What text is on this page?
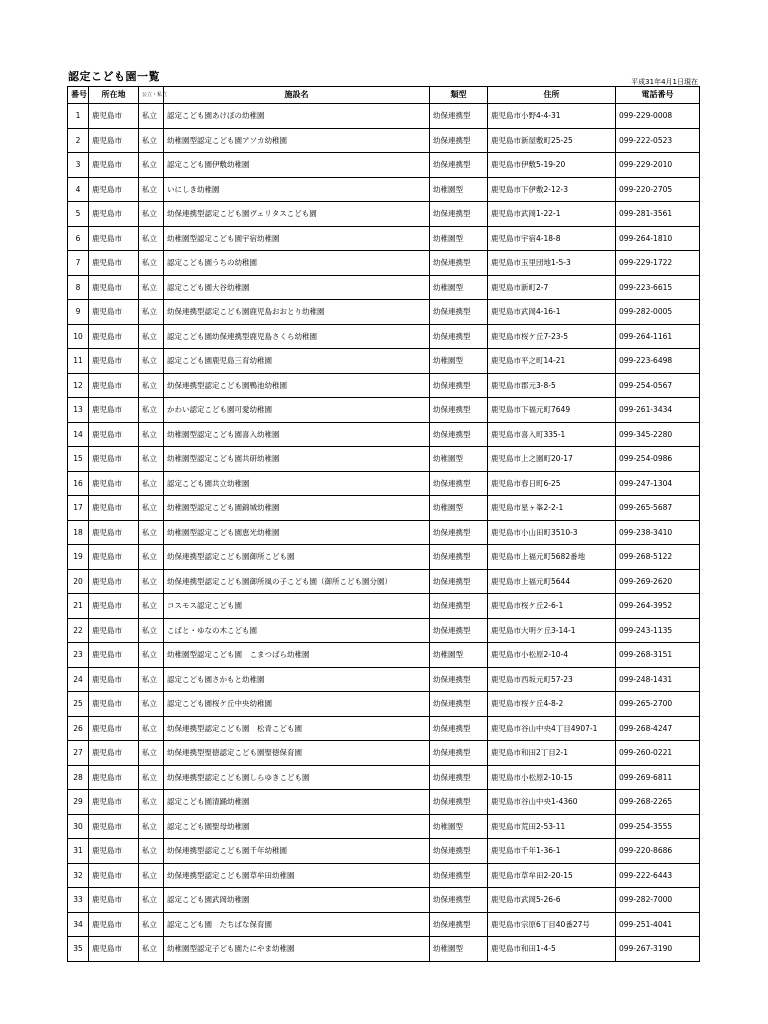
認定こども園一覧	平成31年4月1日現在
番号	所在地	公立・私立	施設名	類型	住所	電話番号
1	鹿児島市	私立	認定こども園あけぼの幼稚園	幼保連携型	鹿児島市小野4-4-31	099-229-0008
2	鹿児島市	私立	幼稚園型認定こども園アソカ幼稚園	幼保連携型	鹿児島市新屋敷町25-25	099-222-0523
3	鹿児島市	私立	認定こども園伊敷幼稚園	幼保連携型	鹿児島市伊敷5-19-20	099-229-2010
4	鹿児島市	私立	いにしき幼稚園	幼稚園型	鹿児島市下伊敷2-12-3	099-220-2705
5	鹿児島市	私立	幼保連携型認定こども園ヴェリタスこども園	幼保連携型	鹿児島市武岡1-22-1	099-281-3561
6	鹿児島市	私立	幼稚園型認定こども園宇宿幼稚園	幼稚園型	鹿児島市宇宿4-18-8	099-264-1810
7	鹿児島市	私立	認定こども園うちの幼稚園	幼保連携型	鹿児島市玉里団地1-5-3	099-229-1722
8	鹿児島市	私立	認定こども園大谷幼稚園	幼稚園型	鹿児島市新町2-7	099-223-6615
9	鹿児島市	私立	幼保連携型認定こども園鹿児島おおとり幼稚園	幼保連携型	鹿児島市武岡4-16-1	099-282-0005
10	鹿児島市	私立	認定こども園幼保連携型鹿児島さくら幼稚園	幼保連携型	鹿児島市桜ケ丘7-23-5	099-264-1161
11	鹿児島市	私立	認定こども園鹿児島三育幼稚園	幼稚園型	鹿児島市平之町14-21	099-223-6498
12	鹿児島市	私立	幼保連携型認定こども園鴨池幼稚園	幼保連携型	鹿児島市郡元3-8-5	099-254-0567
13	鹿児島市	私立	かわい認定こども園可愛幼稚園	幼保連携型	鹿児島市下福元町7649	099-261-3434
14	鹿児島市	私立	幼稚園型認定こども園喜入幼稚園	幼保連携型	鹿児島市喜入町335-1	099-345-2280
15	鹿児島市	私立	幼稚園型認定こども園共研幼稚園	幼稚園型	鹿児島市上之園町20-17	099-254-0986
16	鹿児島市	私立	認定こども園共立幼稚園	幼保連携型	鹿児島市春日町6-25	099-247-1304
17	鹿児島市	私立	幼稚園型認定こども園錦城幼稚園	幼稚園型	鹿児島市星ヶ峯2-2-1	099-265-5687
18	鹿児島市	私立	幼稚園型認定こども園恵光幼稚園	幼保連携型	鹿児島市小山田町3510-3	099-238-3410
19	鹿児島市	私立	幼保連携型認定こども園御所こども園	幼保連携型	鹿児島市上福元町5682番地	099-268-5122
20	鹿児島市	私立	幼保連携型認定こども園御所風の子こども園（御所こども園分園）	幼保連携型	鹿児島市上福元町5644	099-269-2620
21	鹿児島市	私立	コスモス認定こども園	幼保連携型	鹿児島市桜ケ丘2-6-1	099-264-3952
22	鹿児島市	私立	こばと・ゆなの木こども園	幼保連携型	鹿児島市大明ケ丘3-14-1	099-243-1135
23	鹿児島市	私立	幼稚園型認定こども園　こまつばら幼稚園	幼稚園型	鹿児島市小松原2-10-4	099-268-3151
24	鹿児島市	私立	認定こども園さかもと幼稚園	幼保連携型	鹿児島市西坂元町57-23	099-248-1431
25	鹿児島市	私立	認定こども園桜ケ丘中央幼稚園	幼保連携型	鹿児島市桜ケ丘4-8-2	099-265-2700
26	鹿児島市	私立	幼保連携型認定こども園　松青こども園	幼保連携型	鹿児島市谷山中央4丁目4907-1	099-268-4247
27	鹿児島市	私立	幼保連携型聖徳認定こども園聖徳保育園	幼保連携型	鹿児島市和田2丁目2-1	099-260-0221
28	鹿児島市	私立	幼保連携型認定こども園しらゆきこども園	幼保連携型	鹿児島市小松原2-10-15	099-269-6811
29	鹿児島市	私立	認定こども園清踊幼稚園	幼保連携型	鹿児島市谷山中央1-4360	099-268-2265
30	鹿児島市	私立	認定こども園聖母幼稚園	幼稚園型	鹿児島市荒田2-53-11	099-254-3555
31	鹿児島市	私立	幼保連携型認定こども園千年幼稚園	幼保連携型	鹿児島市千年1-36-1	099-220-8686
32	鹿児島市	私立	幼保連携型認定こども園草牟田幼稚園	幼保連携型	鹿児島市草牟田2-20-15	099-222-6443
33	鹿児島市	私立	認定こども園武岡幼稚園	幼保連携型	鹿児島市武岡5-26-6	099-282-7000
34	鹿児島市	私立	認定こども園　たちばな保育園	幼保連携型	鹿児島市宗原6丁目40番27号	099-251-4041
35	鹿児島市	私立	幼稚園型認定子ども園たにやま幼稚園	幼稚園型	鹿児島市和田1-4-5	099-267-3190
